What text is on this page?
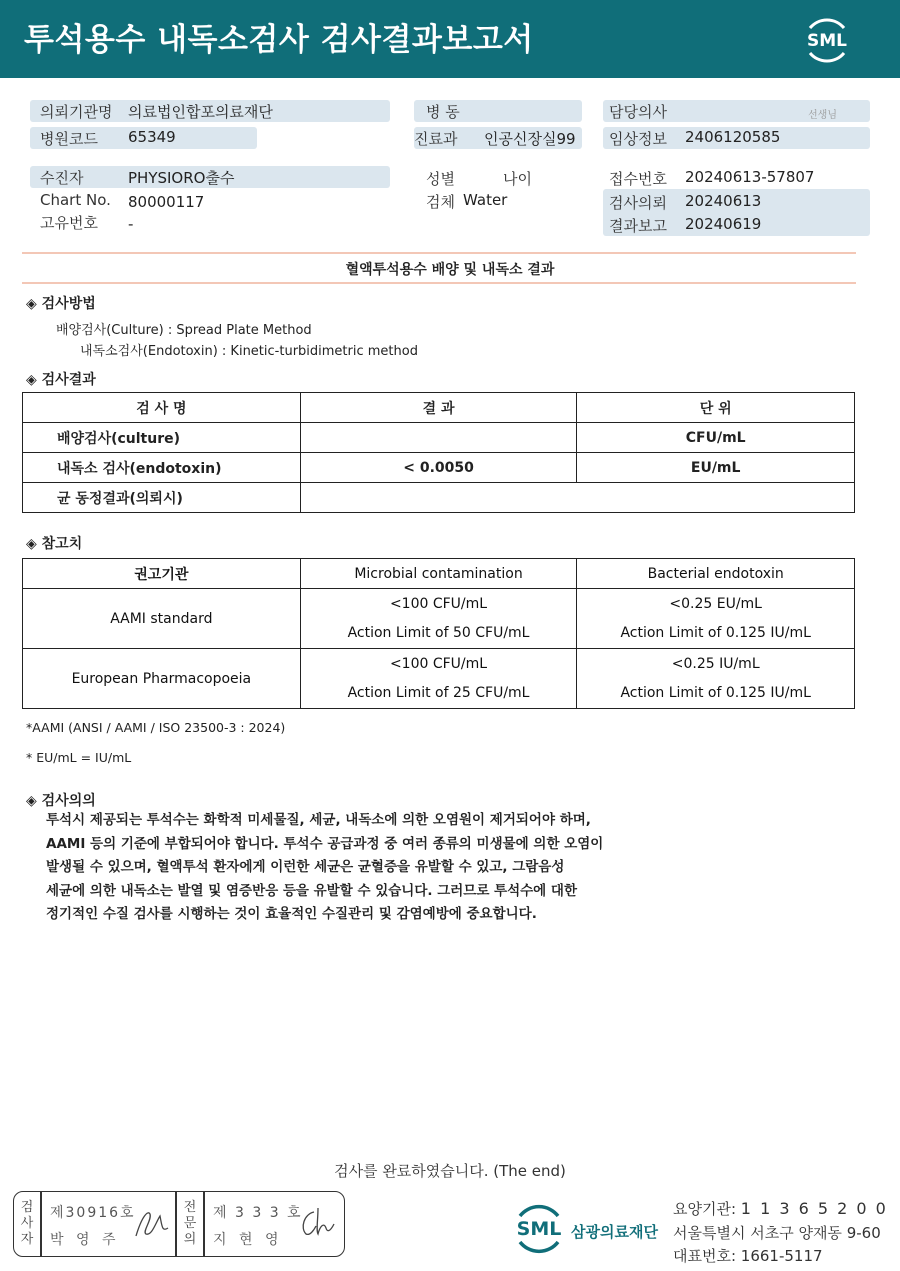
투석용수 내독소검사 검사결과보고서	SML
의뢰기관명 의료법인합포의료재단
병원코드 65349
병 동
진료과 인공신장실99
담당의사	선생님
임상정보 2406120585
수진자	PHYSIORO출수
Chart No. 80000117
고유번호 -
성별	나이
검체 Water
접수번호 20240613-57807
검사의뢰 20240613
결과보고 20240619
혈액투석용수 배양 및 내독소 결과
◈ 검사방법
배양검사(Culture) : Spread Plate Method
내독소검사(Endotoxin) : Kinetic-turbidimetric method
◈ 검사결과
검 사 명	결 과	단 위
배양검사(culture)		CFU/mL
내독소 검사(endotoxin)	< 0.0050	EU/mL
균 동정결과(의뢰시)		
◈ 참고치
권고기관	Microbial contamination	Bacterial endotoxin
AAMI standard	<100 CFU/mL	<0.25 EU/mL
	Action Limit of 50 CFU/mL	Action Limit of 0.125 IU/mL
European Pharmacopoeia	<100 CFU/mL	<0.25 IU/mL
	Action Limit of 25 CFU/mL	Action Limit of 0.125 IU/mL
*AAMI (ANSI / AAMI / ISO 23500-3 : 2024)
* EU/mL = IU/mL
◈ 검사의의
투석시 제공되는 투석수는 화학적 미세물질, 세균, 내독소에 의한 오염원이 제거되어야 하며,
AAMI 등의 기준에 부합되어야 합니다. 투석수 공급과정 중 여러 종류의 미생물에 의한 오염이
발생될 수 있으며, 혈액투석 환자에게 이런한 세균은 균혈증을 유발할 수 있고, 그람음성
세균에 의한 내독소는 발열 및 염증반응 등을 유발할 수 있습니다. 그러므로 투석수에 대한
정기적인 수질 검사를 시행하는 것이 효율적인 수질관리 및 감염예방에 중요합니다.
검사를 완료하였습니다. (The end)
검
사
자
제30916호
박 영 주
전
문
의
제 3 3 3 호
지 현 영	SML 삼광의료재단
요양기관: 1 1 3 6 5 2 0 0
서울특별시 서초구 양재동 9-60
대표번호: 1661-5117
